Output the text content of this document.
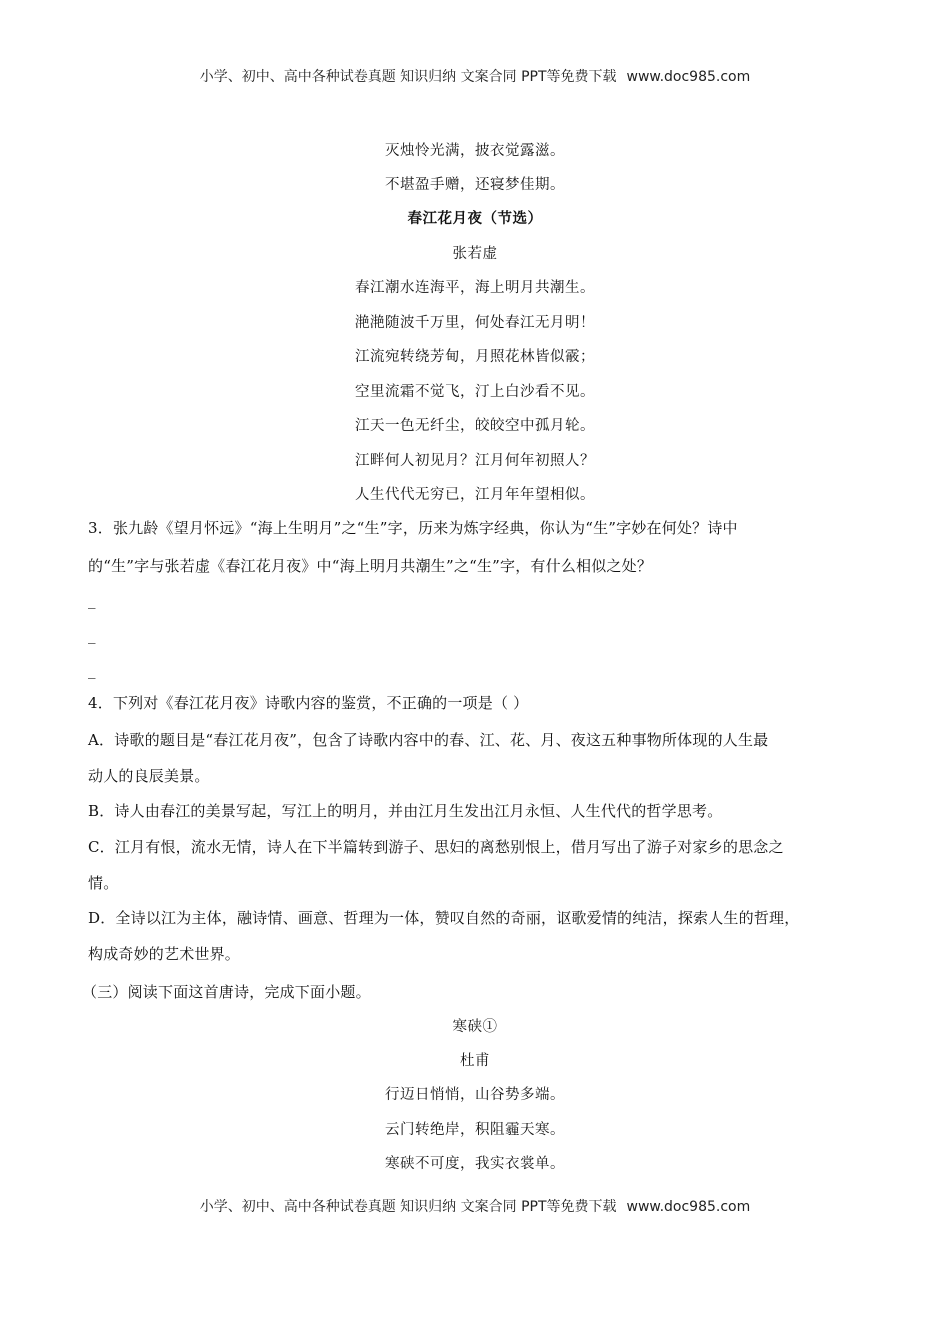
小学、初中、高中各种试卷真题 知识归纳 文案合同 PPT等免费下载 www.doc985.com
灭烛怜光满，披衣觉露滋。
不堪盈手赠，还寝梦佳期。
春江花月夜（节选）
张若虚
春江潮水连海平，海上明月共潮生。
滟滟随波千万里，何处春江无月明！
江流宛转绕芳甸，月照花林皆似霰；
空里流霜不觉飞，汀上白沙看不见。
江天一色无纤尘，皎皎空中孤月轮。
江畔何人初见月？江月何年初照人？
人生代代无穷已，江月年年望相似。
3．张九龄《望月怀远》“海上生明月”之“生”字，历来为炼字经典，你认为“生”字妙在何处？诗中
的“生”字与张若虚《春江花月夜》中“海上明月共潮生”之“生”字，有什么相似之处？
_
_
_
4．下列对《春江花月夜》诗歌内容的鉴赏，不正确的一项是（ ）
A．诗歌的题目是“春江花月夜”，包含了诗歌内容中的春、江、花、月、夜这五种事物所体现的人生最
动人的良辰美景。
B．诗人由春江的美景写起，写江上的明月，并由江月生发出江月永恒、人生代代的哲学思考。
C．江月有恨，流水无情，诗人在下半篇转到游子、思妇的离愁别恨上，借月写出了游子对家乡的思念之
情。
D．全诗以江为主体，融诗情、画意、哲理为一体，赞叹自然的奇丽，讴歌爱情的纯洁，探索人生的哲理，
构成奇妙的艺术世界。
（三）阅读下面这首唐诗，完成下面小题。
寒硖①
杜甫
行迈日悄悄，山谷势多端。
云门转绝岸，积阻霾天寒。
寒硖不可度，我实衣裳单。
小学、初中、高中各种试卷真题 知识归纳 文案合同 PPT等免费下载 www.doc985.com
